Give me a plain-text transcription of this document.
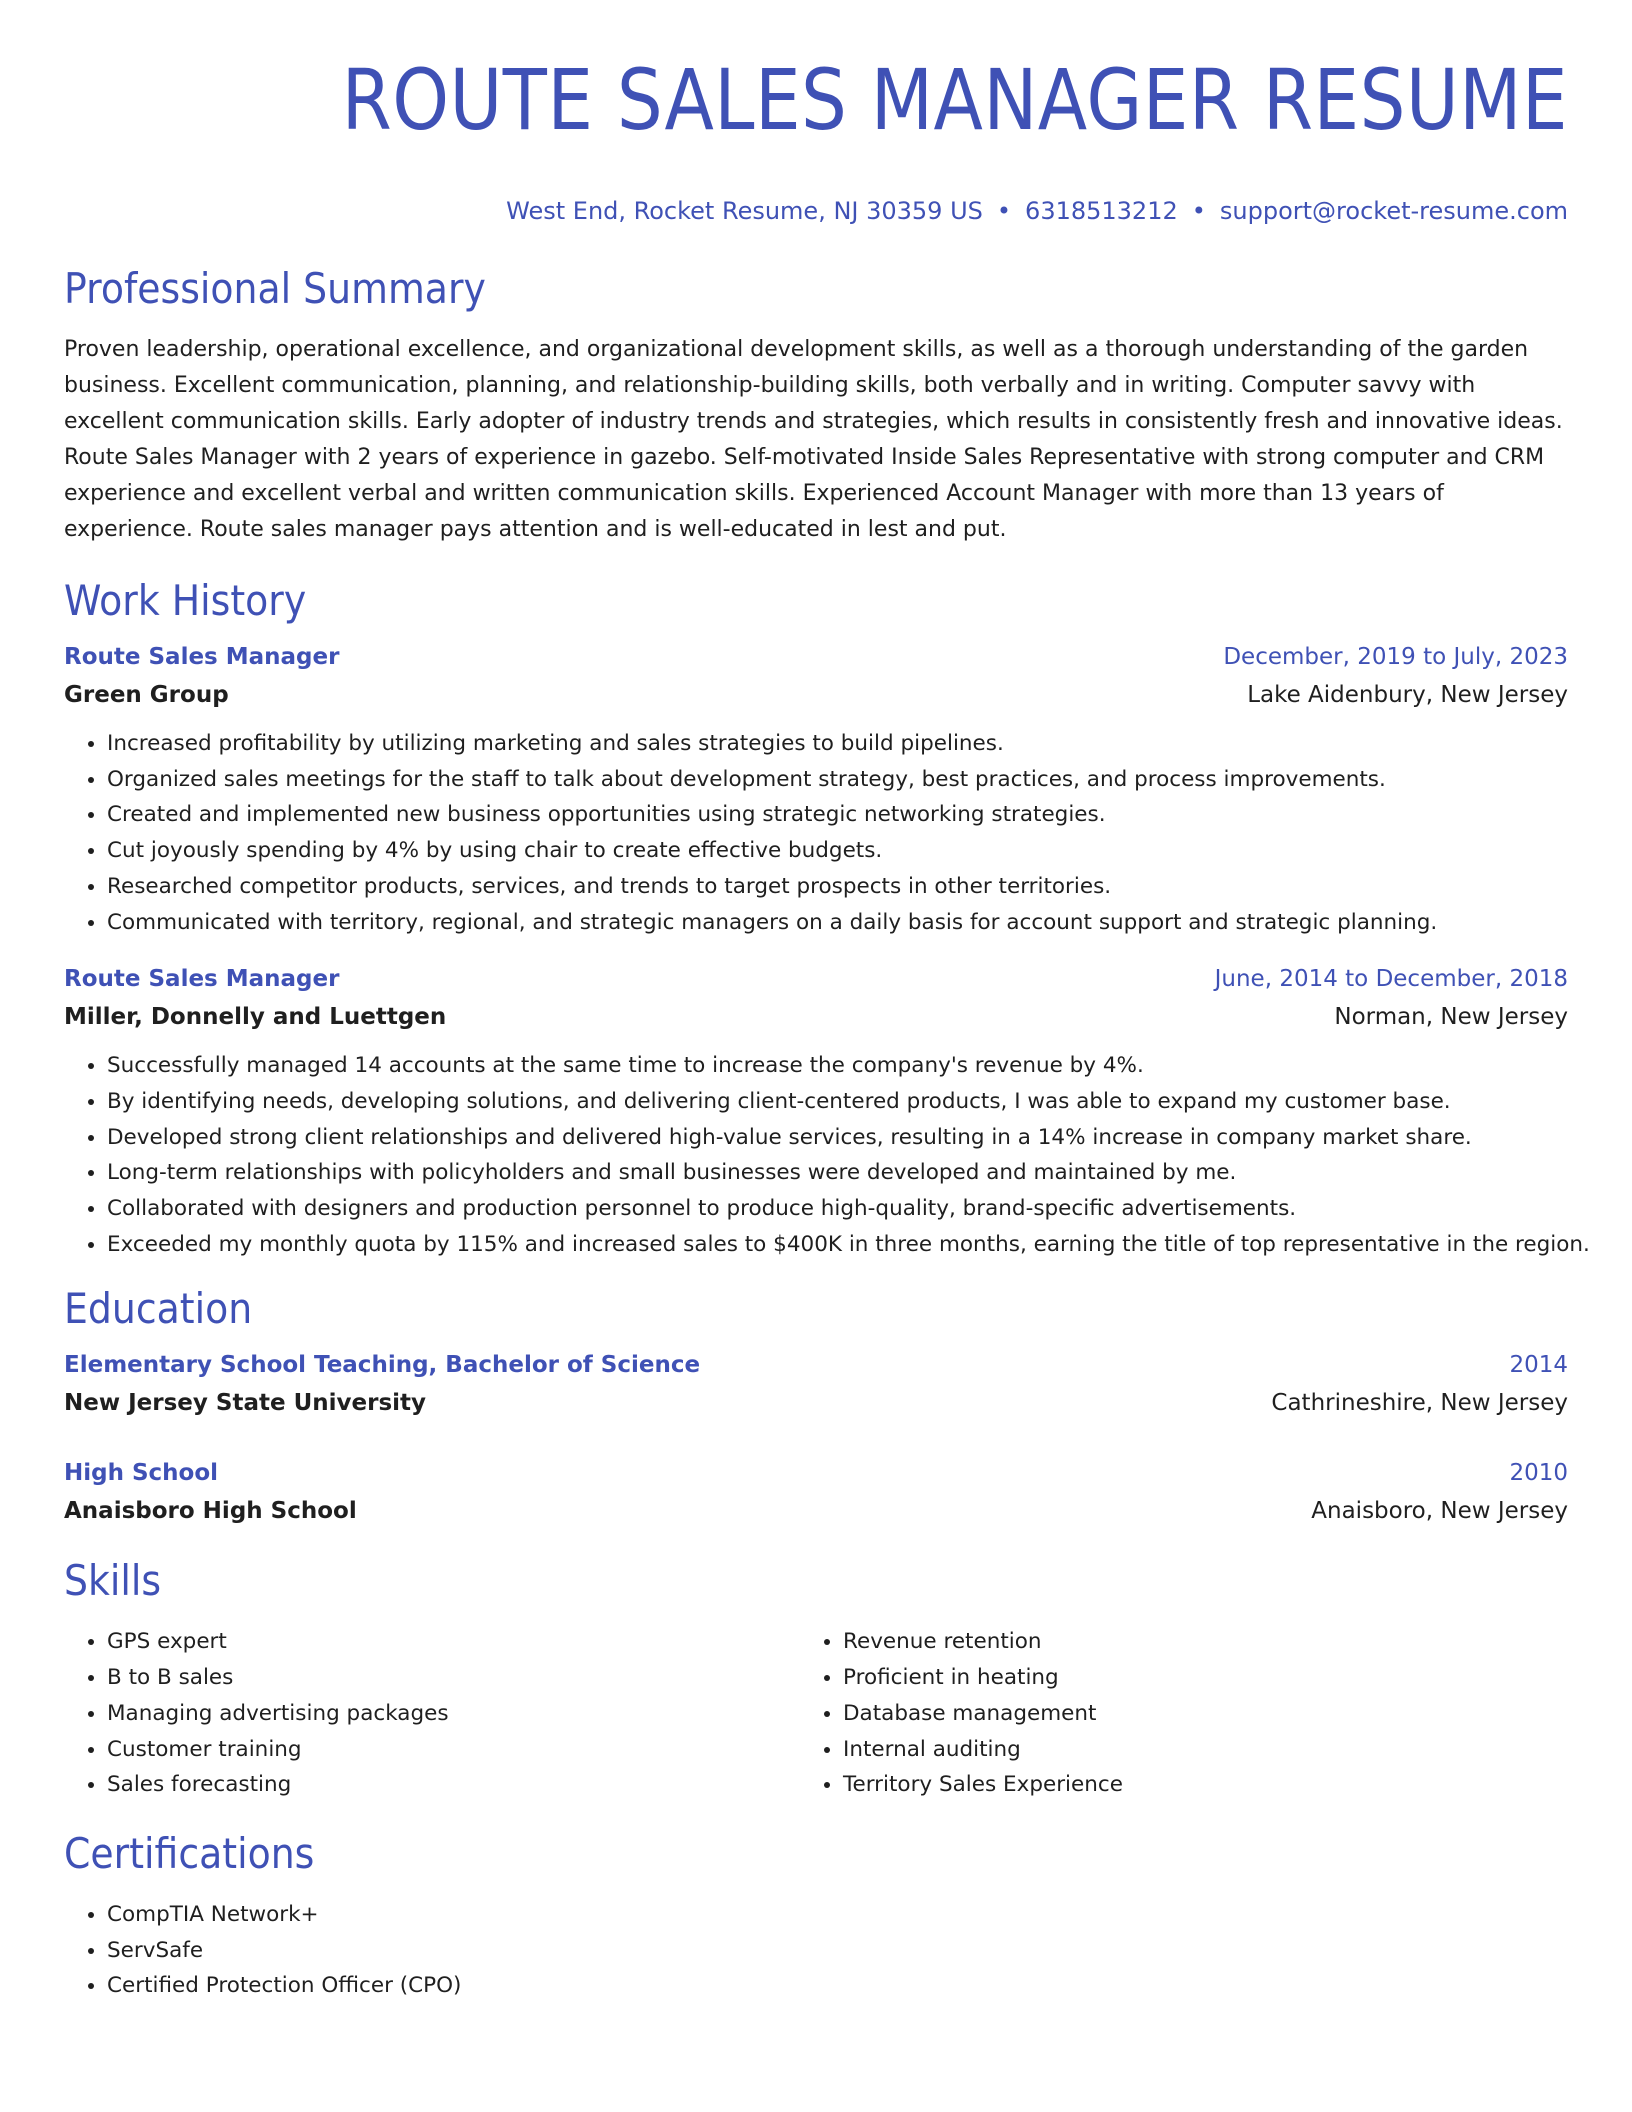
ROUTE SALES MANAGER RESUME
West End, Rocket Resume, NJ 30359 US • 6318513212 • support@rocket-resume.com
Professional Summary

Proven leadership, operational excellence, and organizational development skills, as well as a thorough understanding of the garden business. Excellent communication, planning, and relationship-building skills, both verbally and in writing. Computer savvy with excellent communication skills. Early adopter of industry trends and strategies, which results in consistently fresh and innovative ideas. Route Sales Manager with 2 years of experience in gazebo. Self-motivated Inside Sales Representative with strong computer and CRM experience and excellent verbal and written communication skills. Experienced Account Manager with more than 13 years of experience. Route sales manager pays attention and is well-educated in lest and put.

Work History
Route Sales Manager	December, 2019 to July, 2023
Green Group	Lake Aidenbury, New Jersey
• Increased profitability by utilizing marketing and sales strategies to build pipelines.
• Organized sales meetings for the staff to talk about development strategy, best practices, and process improvements.
• Created and implemented new business opportunities using strategic networking strategies.
• Cut joyously spending by 4% by using chair to create effective budgets.
• Researched competitor products, services, and trends to target prospects in other territories.
• Communicated with territory, regional, and strategic managers on a daily basis for account support and strategic planning.
Route Sales Manager	June, 2014 to December, 2018
Miller, Donnelly and Luettgen	Norman, New Jersey
• Successfully managed 14 accounts at the same time to increase the company's revenue by 4%.
• By identifying needs, developing solutions, and delivering client-centered products, I was able to expand my customer base.
• Developed strong client relationships and delivered high-value services, resulting in a 14% increase in company market share.
• Long-term relationships with policyholders and small businesses were developed and maintained by me.
• Collaborated with designers and production personnel to produce high-quality, brand-specific advertisements.
• Exceeded my monthly quota by 115% and increased sales to $400K in three months, earning the title of top representative in the region.
Education
Elementary School Teaching, Bachelor of Science	2014
New Jersey State University	Cathrineshire, New Jersey
High School	2010
Anaisboro High School	Anaisboro, New Jersey
Skills
• GPS expert
• B to B sales
• Managing advertising packages
• Customer training
• Sales forecasting
• Revenue retention
• Proficient in heating
• Database management
• Internal auditing
• Territory Sales Experience
Certifications
• CompTIA Network+
• ServSafe
• Certified Protection Officer (CPO)
